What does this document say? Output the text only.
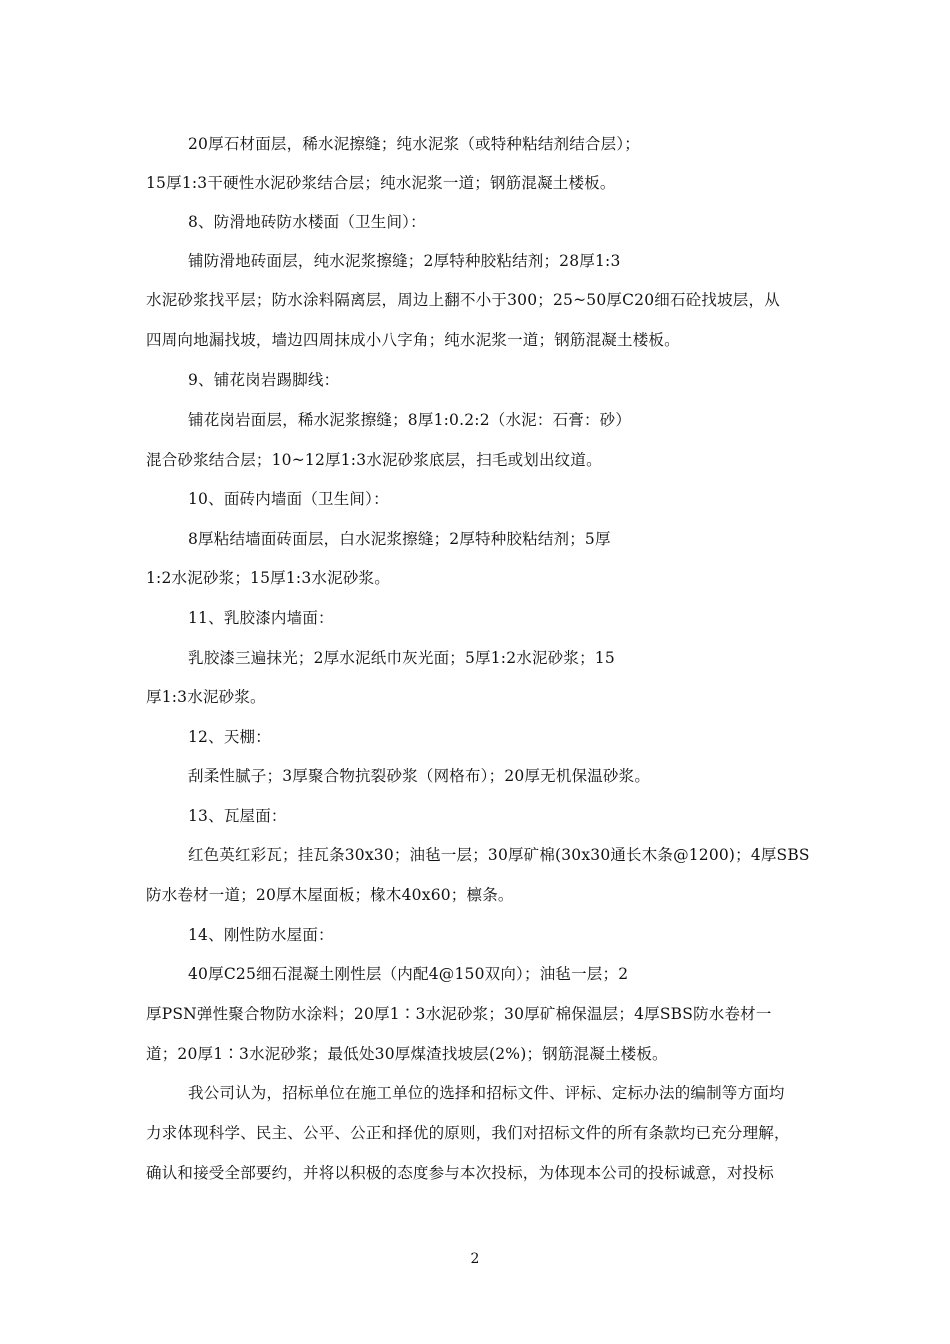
20厚石材面层，稀水泥擦缝；纯水泥浆（或特种粘结剂结合层）；
15厚1:3干硬性水泥砂浆结合层；纯水泥浆一道；钢筋混凝土楼板。
8、防滑地砖防水楼面（卫生间）：
铺防滑地砖面层，纯水泥浆擦缝；2厚特种胶粘结剂；28厚1:3
水泥砂浆找平层；防水涂料隔离层，周边上翻不小于300；25~50厚C20细石砼找坡层，从
四周向地漏找坡，墙边四周抹成小八字角；纯水泥浆一道；钢筋混凝土楼板。
9、铺花岗岩踢脚线：
铺花岗岩面层，稀水泥浆擦缝；8厚1:0.2:2（水泥：石膏：砂）
混合砂浆结合层；10~12厚1:3水泥砂浆底层，扫毛或划出纹道。
10、面砖内墙面（卫生间）：
8厚粘结墙面砖面层，白水泥浆擦缝；2厚特种胶粘结剂；5厚
1:2水泥砂浆；15厚1:3水泥砂浆。
11、乳胶漆内墙面：
乳胶漆三遍抹光；2厚水泥纸巾灰光面；5厚1:2水泥砂浆；15
厚1:3水泥砂浆。
12、天棚：
刮柔性腻子；3厚聚合物抗裂砂浆（网格布）；20厚无机保温砂浆。
13、瓦屋面：
红色英红彩瓦；挂瓦条30x30；油毡一层；30厚矿棉(30x30通长木条@1200)；4厚SBS
防水卷材一道；20厚木屋面板；椽木40x60；檩条。
14、刚性防水屋面：
40厚C25细石混凝土刚性层（内配4@150双向）；油毡一层；2
厚PSN弹性聚合物防水涂料；20厚1∶3水泥砂浆；30厚矿棉保温层；4厚SBS防水卷材一
道；20厚1∶3水泥砂浆；最低处30厚煤渣找坡层(2%)；钢筋混凝土楼板。
我公司认为，招标单位在施工单位的选择和招标文件、评标、定标办法的编制等方面均
力求体现科学、民主、公平、公正和择优的原则，我们对招标文件的所有条款均已充分理解，
确认和接受全部要约，并将以积极的态度参与本次投标，为体现本公司的投标诚意，对投标
2
